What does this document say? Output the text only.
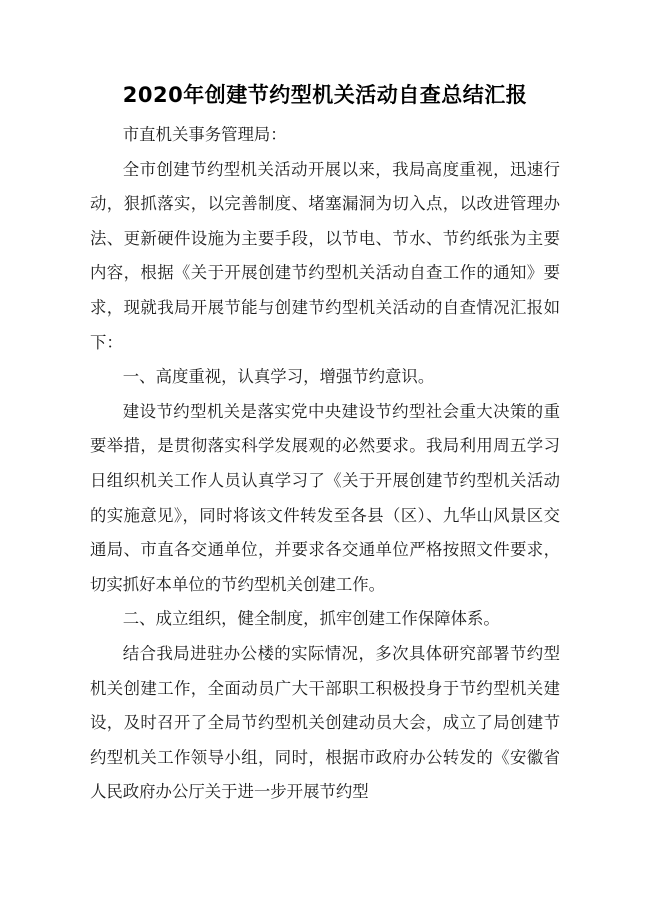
2020年创建节约型机关活动自查总结汇报

市直机关事务管理局：

全市创建节约型机关活动开展以来，我局高度重视，迅速行动，狠抓落实，以完善制度、堵塞漏洞为切入点，以改进管理办法、更新硬件设施为主要手段，以节电、节水、节约纸张为主要内容，根据《关于开展创建节约型机关活动自查工作的通知》要求，现就我局开展节能与创建节约型机关活动的自查情况汇报如下：

一、高度重视，认真学习，增强节约意识。

建设节约型机关是落实党中央建设节约型社会重大决策的重要举措，是贯彻落实科学发展观的必然要求。我局利用周五学习日组织机关工作人员认真学习了《关于开展创建节约型机关活动的实施意见》，同时将该文件转发至各县（区）、九华山风景区交通局、市直各交通单位，并要求各交通单位严格按照文件要求，切实抓好本单位的节约型机关创建工作。

二、成立组织，健全制度，抓牢创建工作保障体系。

结合我局进驻办公楼的实际情况，多次具体研究部署节约型机关创建工作，全面动员广大干部职工积极投身于节约型机关建设，及时召开了全局节约型机关创建动员大会，成立了局创建节约型机关工作领导小组，同时，根据市政府办公转发的《安徽省人民政府办公厅关于进一步开展节约型
